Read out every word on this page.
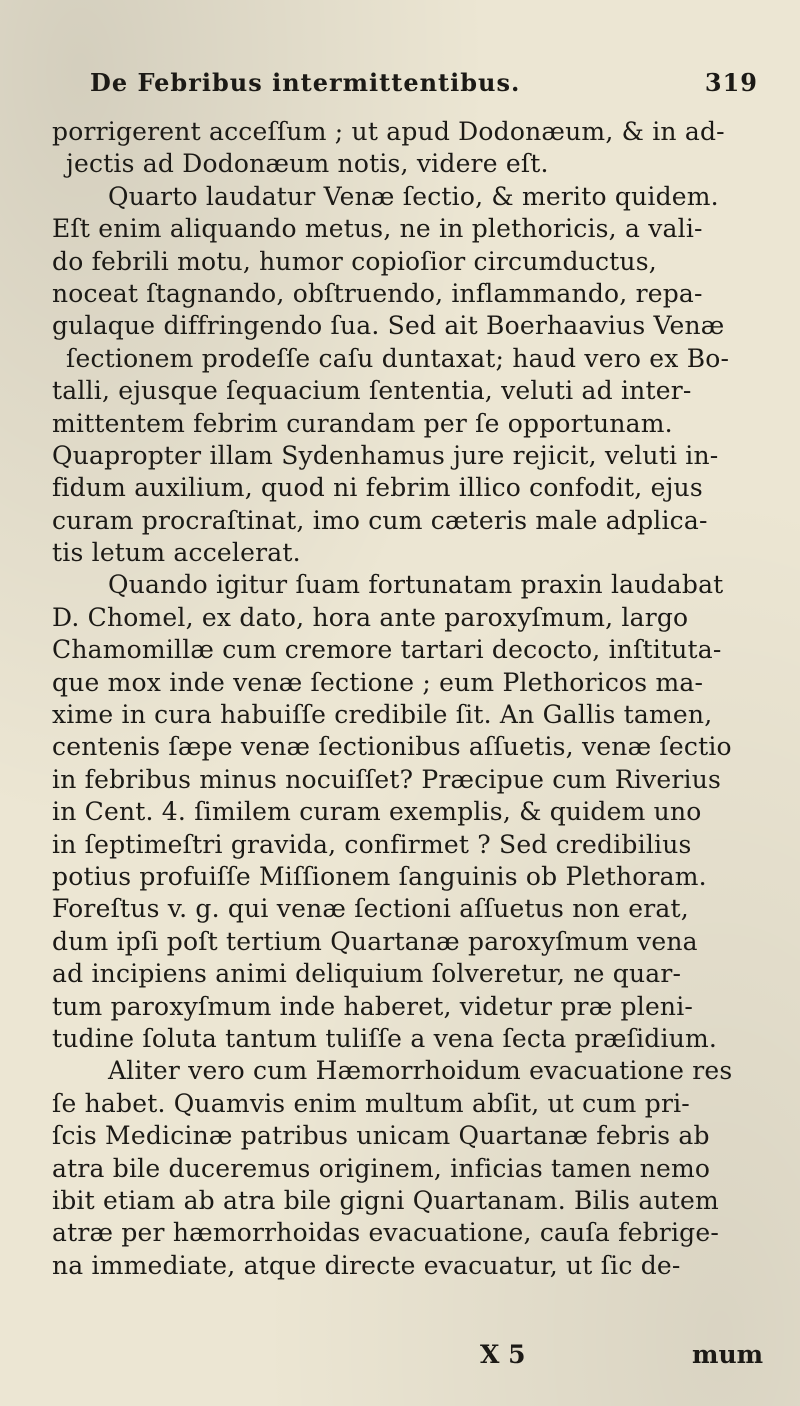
De Febribus intermittentibus.	319
porrigerent acceſſum ; ut apud Dodonæum, & in ad-
jectis ad Dodonæum notis, videre eſt.
Quarto laudatur Venæ ſectio, & merito quidem.
Eſt enim aliquando metus, ne in plethoricis, a vali-
do febrili motu, humor copioſior circumductus,
noceat ſtagnando, obſtruendo, inflammando, repa-
gulaque diffringendo ſua. Sed ait Boerhaavius Venæ
ſectionem prodeſſe caſu duntaxat; haud vero ex Bo-
talli, ejusque ſequacium ſententia, veluti ad inter-
mittentem febrim curandam per ſe opportunam.
Quapropter illam Sydenhamus jure rejicit, veluti in-
fidum auxilium, quod ni febrim illico confodit, ejus
curam procraſtinat, imo cum cæteris male adplica-
tis letum accelerat.
Quando igitur ſuam fortunatam praxin laudabat
D. Chomel, ex dato, hora ante paroxyſmum, largo
Chamomillæ cum cremore tartari decocto, inſtituta-
que mox inde venæ ſectione ; eum Plethoricos ma-
xime in cura habuiſſe credibile ſit. An Gallis tamen,
centenis ſæpe venæ ſectionibus aſſuetis, venæ ſectio
in febribus minus nocuiſſet? Præcipue cum Riverius
in Cent. 4. ſimilem curam exemplis, & quidem uno
in ſeptimeſtri gravida, confirmet ? Sed credibilius
potius profuiſſe Miſſionem ſanguinis ob Plethoram.
Foreſtus v. g. qui venæ ſectioni aſſuetus non erat,
dum ipſi poſt tertium Quartanæ paroxyſmum vena
ad incipiens animi deliquium ſolveretur, ne quar-
tum paroxyſmum inde haberet, videtur præ pleni-
tudine ſoluta tantum tuliſſe a vena ſecta præſidium.
Aliter vero cum Hæmorrhoidum evacuatione res
ſe habet. Quamvis enim multum abſit, ut cum pri-
ſcis Medicinæ patribus unicam Quartanæ febris ab
atra bile duceremus originem, inficias tamen nemo
ibit etiam ab atra bile gigni Quartanam. Bilis autem
atræ per hæmorrhoidas evacuatione, cauſa febrige-
na immediate, atque directe evacuatur, ut ſic de-
X 5	mum
